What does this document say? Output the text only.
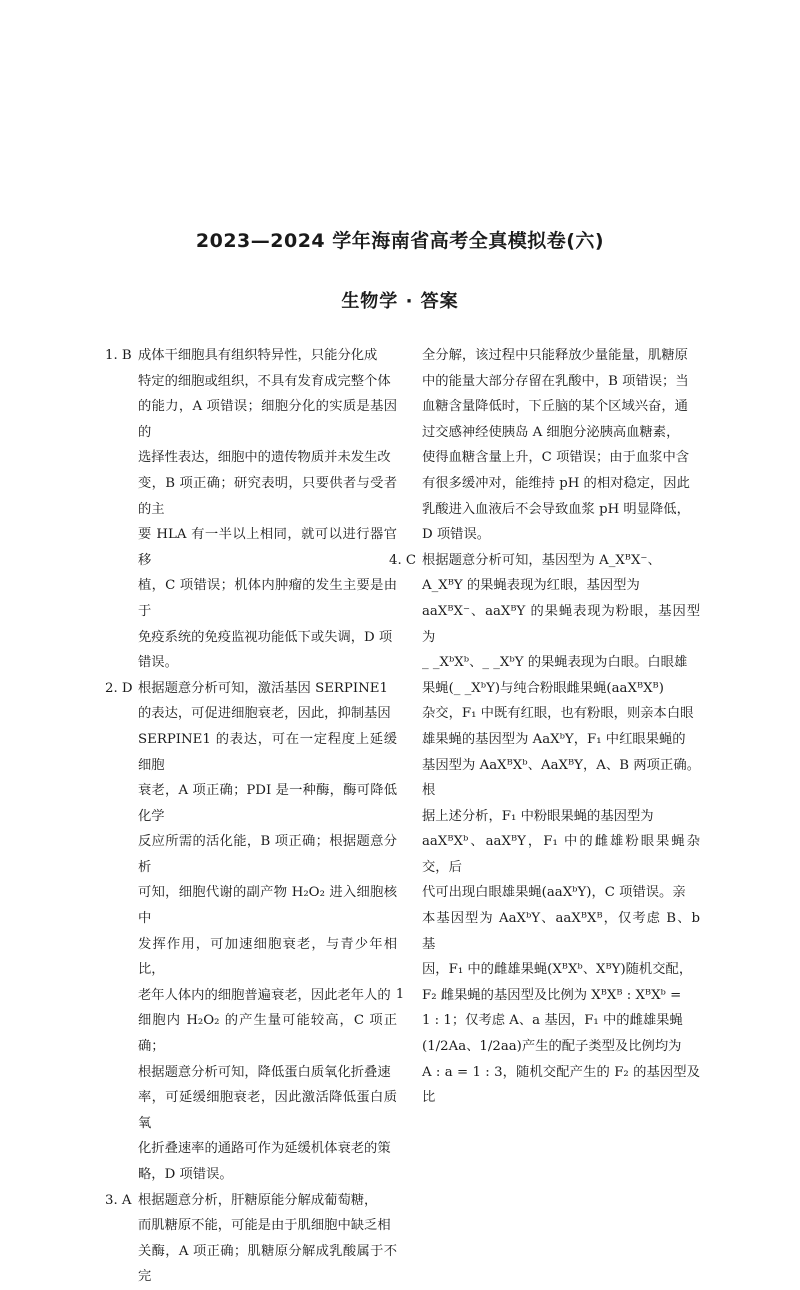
2023—2024 学年海南省高考全真模拟卷(六)
生物学 · 答案

1. B 成体干细胞具有组织特异性，只能分化成

特定的细胞或组织，不具有发育成完整个体

的能力，A 项错误；细胞分化的实质是基因的

选择性表达，细胞中的遗传物质并未发生改

变，B 项正确；研究表明，只要供者与受者的主

要 HLA 有一半以上相同，就可以进行器官移

植，C 项错误；机体内肿瘤的发生主要是由于

免疫系统的免疫监视功能低下或失调，D 项

错误。

2. D 根据题意分析可知，激活基因 SERPINE1

的表达，可促进细胞衰老，因此，抑制基因

SERPINE1 的表达，可在一定程度上延缓细胞

衰老，A 项正确；PDI 是一种酶，酶可降低化学

反应所需的活化能，B 项正确；根据题意分析

可知，细胞代谢的副产物 H₂O₂ 进入细胞核中

发挥作用，可加速细胞衰老，与青少年相比，

老年人体内的细胞普遍衰老，因此老年人的

细胞内 H₂O₂ 的产生量可能较高，C 项正确；

根据题意分析可知，降低蛋白质氧化折叠速

率，可延缓细胞衰老，因此激活降低蛋白质氧

化折叠速率的通路可作为延缓机体衰老的策

略，D 项错误。

3. A 根据题意分析，肝糖原能分解成葡萄糖，

而肌糖原不能，可能是由于肌细胞中缺乏相

关酶，A 项正确；肌糖原分解成乳酸属于不完

全分解，该过程中只能释放少量能量，肌糖原

中的能量大部分存留在乳酸中，B 项错误；当

血糖含量降低时，下丘脑的某个区域兴奋，通

过交感神经使胰岛 A 细胞分泌胰高血糖素，

使得血糖含量上升，C 项错误；由于血浆中含

有很多缓冲对，能维持 pH 的相对稳定，因此

乳酸进入血液后不会导致血浆 pH 明显降低，

D 项错误。

4. C 根据题意分析可知，基因型为 A_XᴮX⁻、

A_XᴮY 的果蝇表现为红眼，基因型为

aaXᴮX⁻、aaXᴮY 的果蝇表现为粉眼，基因型为

_ _XᵇXᵇ、_ _XᵇY 的果蝇表现为白眼。白眼雄

果蝇(_ _XᵇY)与纯合粉眼雌果蝇(aaXᴮXᴮ)

杂交，F₁ 中既有红眼，也有粉眼，则亲本白眼

雄果蝇的基因型为 AaXᵇY，F₁ 中红眼果蝇的

基因型为 AaXᴮXᵇ、AaXᴮY，A、B 两项正确。根

据上述分析，F₁ 中粉眼果蝇的基因型为

aaXᴮXᵇ、aaXᴮY，F₁ 中的雌雄粉眼果蝇杂交，后

代可出现白眼雄果蝇(aaXᵇY)，C 项错误。亲

本基因型为 AaXᵇY、aaXᴮXᴮ，仅考虑 B、b 基

因，F₁ 中的雌雄果蝇(XᴮXᵇ、XᴮY)随机交配，

F₂ 雌果蝇的基因型及比例为 XᴮXᴮ : XᴮXᵇ =

1 : 1；仅考虑 A、a 基因，F₁ 中的雌雄果蝇

(1/2Aa、1/2aa)产生的配子类型及比例均为

A : a = 1 : 3，随机交配产生的 F₂ 的基因型及比

1
